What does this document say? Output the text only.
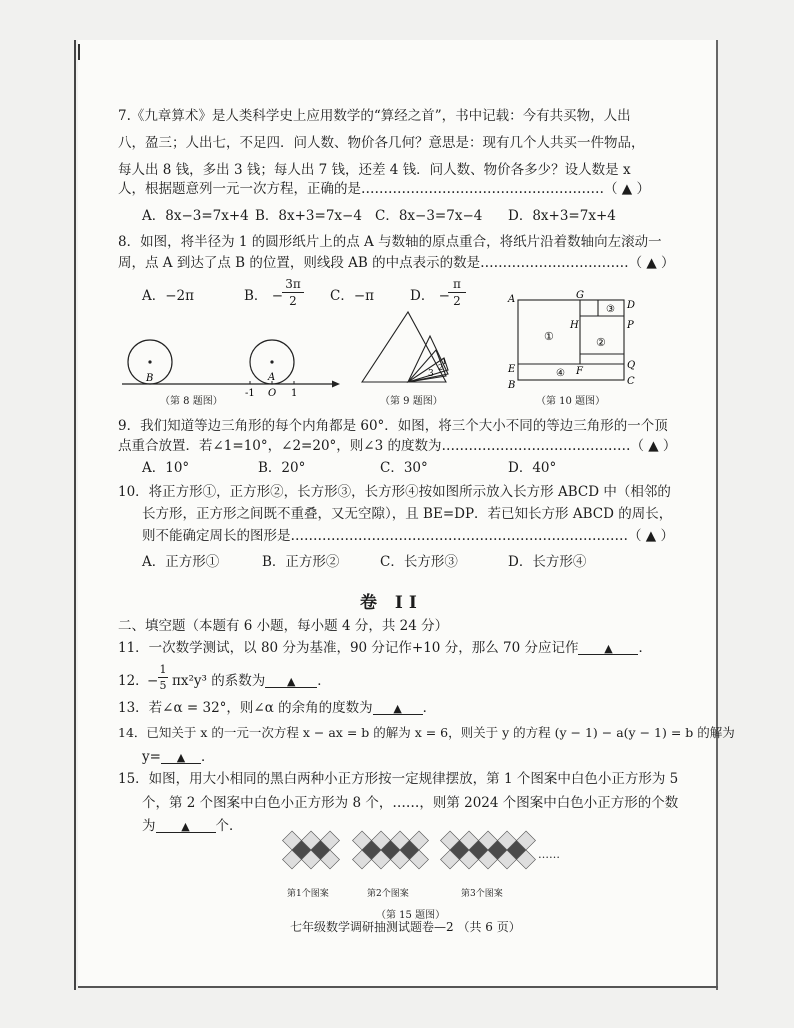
7.《九章算术》是人类科学史上应用数学的“算经之首”，书中记载：今有共买物，人出
八，盈三；人出七，不足四．问人数、物价各几何？意思是：现有几个人共买一件物品，
每人出 8 钱，多出 3 钱；每人出 7 钱，还差 4 钱．问人数、物价各多少？设人数是 x
人，根据题意列一元一次方程，正确的是………………………………………………（ ▲ ）
A．8x−3=7x+4 B．8x+3=7x−4 C．8x−3=7x−4 D．8x+3=7x+4
8．如图，将半径为 1 的圆形纸片上的点 A 与数轴的原点重合，将纸片沿着数轴向左滚动一
周，点 A 到达了点 B 的位置，则线段 AB 的中点表示的数是……………………………（ ▲ ）
A．−2π	B． −
$\frac{3\pi}{2}$ C．−π	D． −
$\frac{\pi}{2}$
B	A
-1 O 1
（第 8 题图）
3
2
1
（第 9 题图）
A	G
D
H	P
E	F
Q
B	C
①	②
③
④
（第 10 题图）
9．我们知道等边三角形的每个内角都是 60°．如图，将三个大小不同的等边三角形的一个顶
点重合放置．若∠1=10°，∠2=20°，则∠3 的度数为……………………………………（ ▲ ）
A．10°	B．20°	C．30°	D．40°
10．将正方形①，正方形②，长方形③，长方形④按如图所示放入长方形 ABCD 中（相邻的
长方形，正方形之间既不重叠，又无空隙），且 BE=DP．若已知长方形 ABCD 的周长，
则不能确定周长的图形是…………………………………………………………………（ ▲ ）
A．正方形①	B．正方形②	C．长方形③	D．长方形④
卷 II
二、填空题（本题有 6 小题，每小题 4 分，共 24 分）
11．一次数学测试，以 80 分为基准，90 分记作+10 分，那么 70 分应记作 ▲ ．
12．
− $\frac{1}{5} \pi x^2y^3$ 的系数为 ▲ ．
13．若∠α = 32°，则∠α 的余角的度数为 ▲ ．
14．已知关于 x 的一元一次方程 x − ax = b 的解为 x = 6，则关于 y 的方程 (y − 1) − a(y − 1) = b 的解为
y= ▲ ．
15．如图，用大小相同的黑白两种小正方形按一定规律摆放，第 1 个图案中白色小正方形为 5
个，第 2 个图案中白色小正方形为 8 个，……，则第 2024 个图案中白色小正方形的个数
为 ▲ 个．
第1个图案	第2个图案	第3个图案
……
（第 15 题图）
七年级数学调研抽测试题卷—2 （共 6 页）
